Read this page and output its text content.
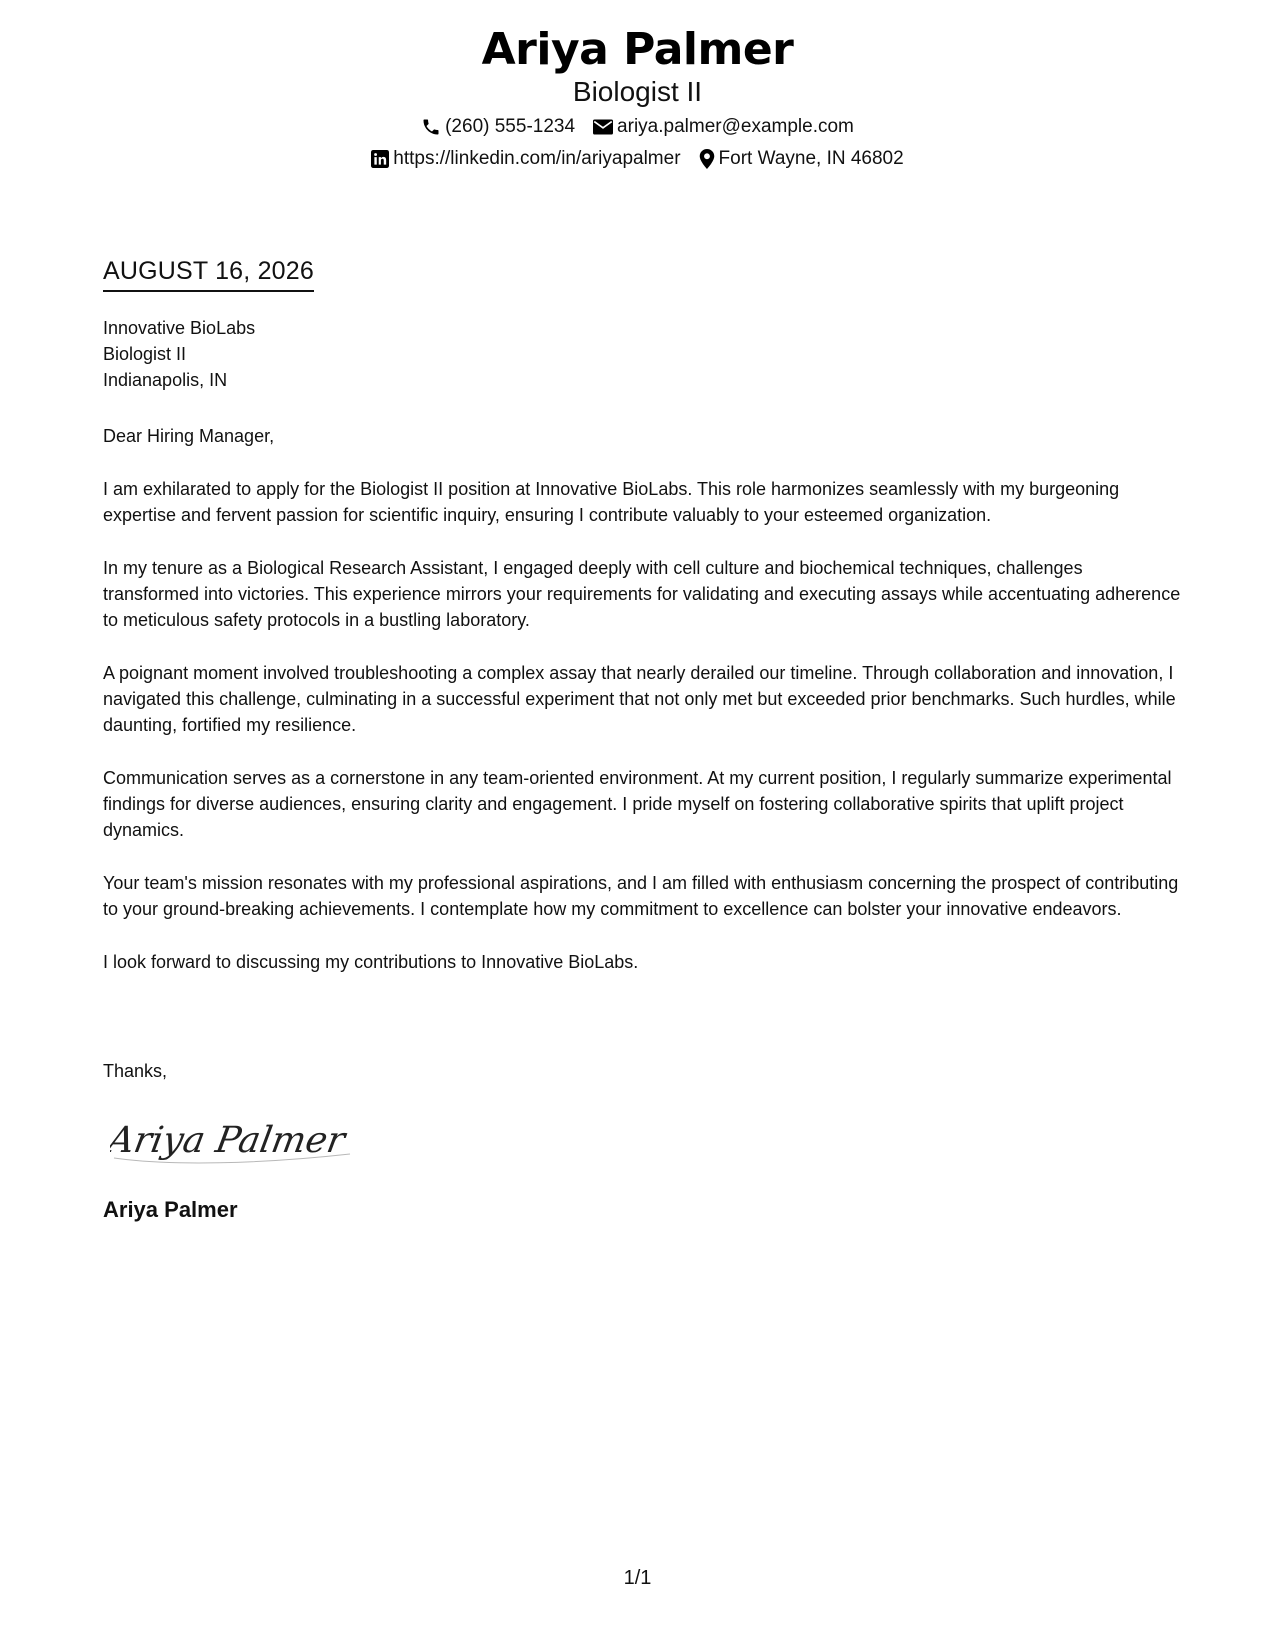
Ariya Palmer
Biologist II
(260) 555-1234 ariya.palmer@example.com
https://linkedin.com/in/ariyapalmer Fort Wayne, IN 46802
AUGUST 16, 2026
Innovative BioLabs
Biologist II
Indianapolis, IN

Dear Hiring Manager,

I am exhilarated to apply for the Biologist II position at Innovative BioLabs. This role harmonizes seamlessly with my burgeoning expertise and fervent passion for scientific inquiry, ensuring I contribute valuably to your esteemed organization.

In my tenure as a Biological Research Assistant, I engaged deeply with cell culture and biochemical techniques, challenges transformed into victories. This experience mirrors your requirements for validating and executing assays while accentuating adherence to meticulous safety protocols in a bustling laboratory.

A poignant moment involved troubleshooting a complex assay that nearly derailed our timeline. Through collaboration and innovation, I navigated this challenge, culminating in a successful experiment that not only met but exceeded prior benchmarks. Such hurdles, while daunting, fortified my resilience.

Communication serves as a cornerstone in any team-oriented environment. At my current position, I regularly summarize experimental findings for diverse audiences, ensuring clarity and engagement. I pride myself on fostering collaborative spirits that uplift project dynamics.

Your team's mission resonates with my professional aspirations, and I am filled with enthusiasm concerning the prospect of contributing to your ground-breaking achievements. I contemplate how my commitment to excellence can bolster your innovative endeavors.

I look forward to discussing my contributions to Innovative BioLabs.

Thanks,
Ariya Palmer
Ariya Palmer
1/1
